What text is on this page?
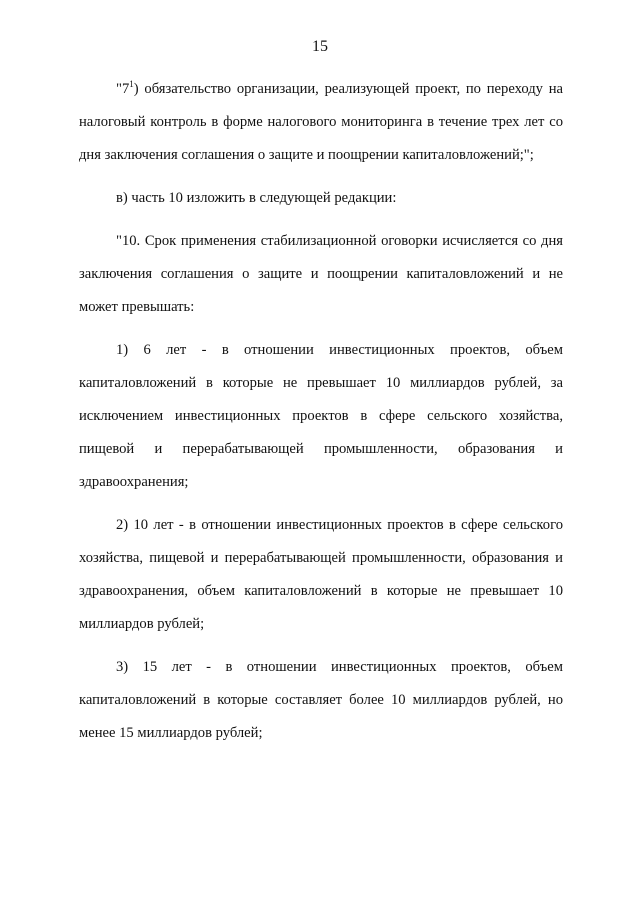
15

"$7^1$) обязательство организации, реализующей проект, по переходу на налоговый контроль в форме налогового мониторинга в течение трех лет со дня заключения соглашения о защите и поощрении капиталовложений;";

в) часть 10 изложить в следующей редакции:

"10. Срок применения стабилизационной оговорки исчисляется со дня заключения соглашения о защите и поощрении капиталовложений и не может превышать:

1) 6 лет - в отношении инвестиционных проектов, объем капиталовложений в которые не превышает 10 миллиардов рублей, за исключением инвестиционных проектов в сфере сельского хозяйства, пищевой и перерабатывающей промышленности, образования и здравоохранения;

2) 10 лет - в отношении инвестиционных проектов в сфере сельского хозяйства, пищевой и перерабатывающей промышленности, образования и здравоохранения, объем капиталовложений в которые не превышает 10 миллиардов рублей;

3) 15 лет - в отношении инвестиционных проектов, объем капиталовложений в которые составляет более 10 миллиардов рублей, но менее 15 миллиардов рублей;
